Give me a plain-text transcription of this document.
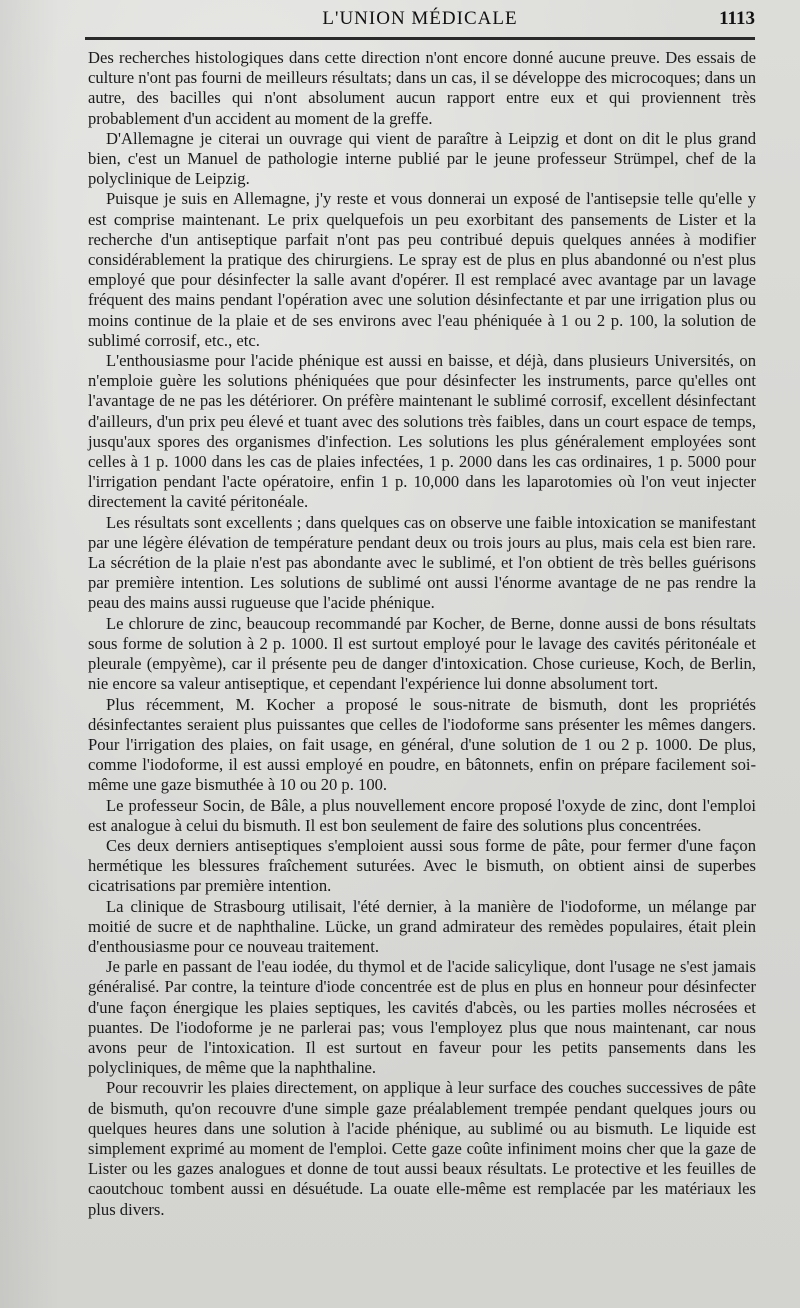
L'UNION MÉDICALE	1113

Des recherches histologiques dans cette direction n'ont encore donné aucune preuve. Des essais de culture n'ont pas fourni de meilleurs résultats; dans un cas, il se développe des microcoques; dans un autre, des bacilles qui n'ont absolument aucun rapport entre eux et qui proviennent très probablement d'un accident au moment de la greffe.

D'Allemagne je citerai un ouvrage qui vient de paraître à Leipzig et dont on dit le plus grand bien, c'est un Manuel de pathologie interne publié par le jeune professeur Strümpel, chef de la polyclinique de Leipzig.

Puisque je suis en Allemagne, j'y reste et vous donnerai un exposé de l'antisepsie telle qu'elle y est comprise maintenant. Le prix quelquefois un peu exorbitant des pansements de Lister et la recherche d'un antiseptique parfait n'ont pas peu contribué depuis quelques années à modifier considérablement la pratique des chirurgiens. Le spray est de plus en plus abandonné ou n'est plus employé que pour désinfecter la salle avant d'opérer. Il est remplacé avec avantage par un lavage fréquent des mains pendant l'opération avec une solution désinfectante et par une irrigation plus ou moins continue de la plaie et de ses environs avec l'eau phéniquée à 1 ou 2 p. 100, la solution de sublimé corrosif, etc., etc.

L'enthousiasme pour l'acide phénique est aussi en baisse, et déjà, dans plusieurs Universités, on n'emploie guère les solutions phéniquées que pour désinfecter les instruments, parce qu'elles ont l'avantage de ne pas les détériorer. On préfère maintenant le sublimé corrosif, excellent désinfectant d'ailleurs, d'un prix peu élevé et tuant avec des solutions très faibles, dans un court espace de temps, jusqu'aux spores des organismes d'infection. Les solutions les plus généralement employées sont celles à 1 p. 1000 dans les cas de plaies infectées, 1 p. 2000 dans les cas ordinaires, 1 p. 5000 pour l'irrigation pendant l'acte opératoire, enfin 1 p. 10,000 dans les laparotomies où l'on veut injecter directement la cavité péritonéale.

Les résultats sont excellents ; dans quelques cas on observe une faible intoxication se manifestant par une légère élévation de température pendant deux ou trois jours au plus, mais cela est bien rare. La sécrétion de la plaie n'est pas abondante avec le sublimé, et l'on obtient de très belles guérisons par première intention. Les solutions de sublimé ont aussi l'énorme avantage de ne pas rendre la peau des mains aussi rugueuse que l'acide phénique.

Le chlorure de zinc, beaucoup recommandé par Kocher, de Berne, donne aussi de bons résultats sous forme de solution à 2 p. 1000. Il est surtout employé pour le lavage des cavités péritonéale et pleurale (empyème), car il présente peu de danger d'intoxication. Chose curieuse, Koch, de Berlin, nie encore sa valeur antiseptique, et cependant l'expérience lui donne absolument tort.

Plus récemment, M. Kocher a proposé le sous-nitrate de bismuth, dont les propriétés désinfectantes seraient plus puissantes que celles de l'iodoforme sans présenter les mêmes dangers. Pour l'irrigation des plaies, on fait usage, en général, d'une solution de 1 ou 2 p. 1000. De plus, comme l'iodoforme, il est aussi employé en poudre, en bâtonnets, enfin on prépare facilement soi-même une gaze bismuthée à 10 ou 20 p. 100.

Le professeur Socin, de Bâle, a plus nouvellement encore proposé l'oxyde de zinc, dont l'emploi est analogue à celui du bismuth. Il est bon seulement de faire des solutions plus concentrées.

Ces deux derniers antiseptiques s'emploient aussi sous forme de pâte, pour fermer d'une façon hermétique les blessures fraîchement suturées. Avec le bismuth, on obtient ainsi de superbes cicatrisations par première intention.

La clinique de Strasbourg utilisait, l'été dernier, à la manière de l'iodoforme, un mélange par moitié de sucre et de naphthaline. Lücke, un grand admirateur des remèdes populaires, était plein d'enthousiasme pour ce nouveau traitement.

Je parle en passant de l'eau iodée, du thymol et de l'acide salicylique, dont l'usage ne s'est jamais généralisé. Par contre, la teinture d'iode concentrée est de plus en plus en honneur pour désinfecter d'une façon énergique les plaies septiques, les cavités d'abcès, ou les parties molles nécrosées et puantes. De l'iodoforme je ne parlerai pas; vous l'employez plus que nous maintenant, car nous avons peur de l'intoxication. Il est surtout en faveur pour les petits pansements dans les polycliniques, de même que la naphthaline.

Pour recouvrir les plaies directement, on applique à leur surface des couches successives de pâte de bismuth, qu'on recouvre d'une simple gaze préalablement trempée pendant quelques jours ou quelques heures dans une solution à l'acide phénique, au sublimé ou au bismuth. Le liquide est simplement exprimé au moment de l'emploi. Cette gaze coûte infiniment moins cher que la gaze de Lister ou les gazes analogues et donne de tout aussi beaux résultats. Le protective et les feuilles de caoutchouc tombent aussi en désuétude. La ouate elle-même est remplacée par les matériaux les plus divers.
